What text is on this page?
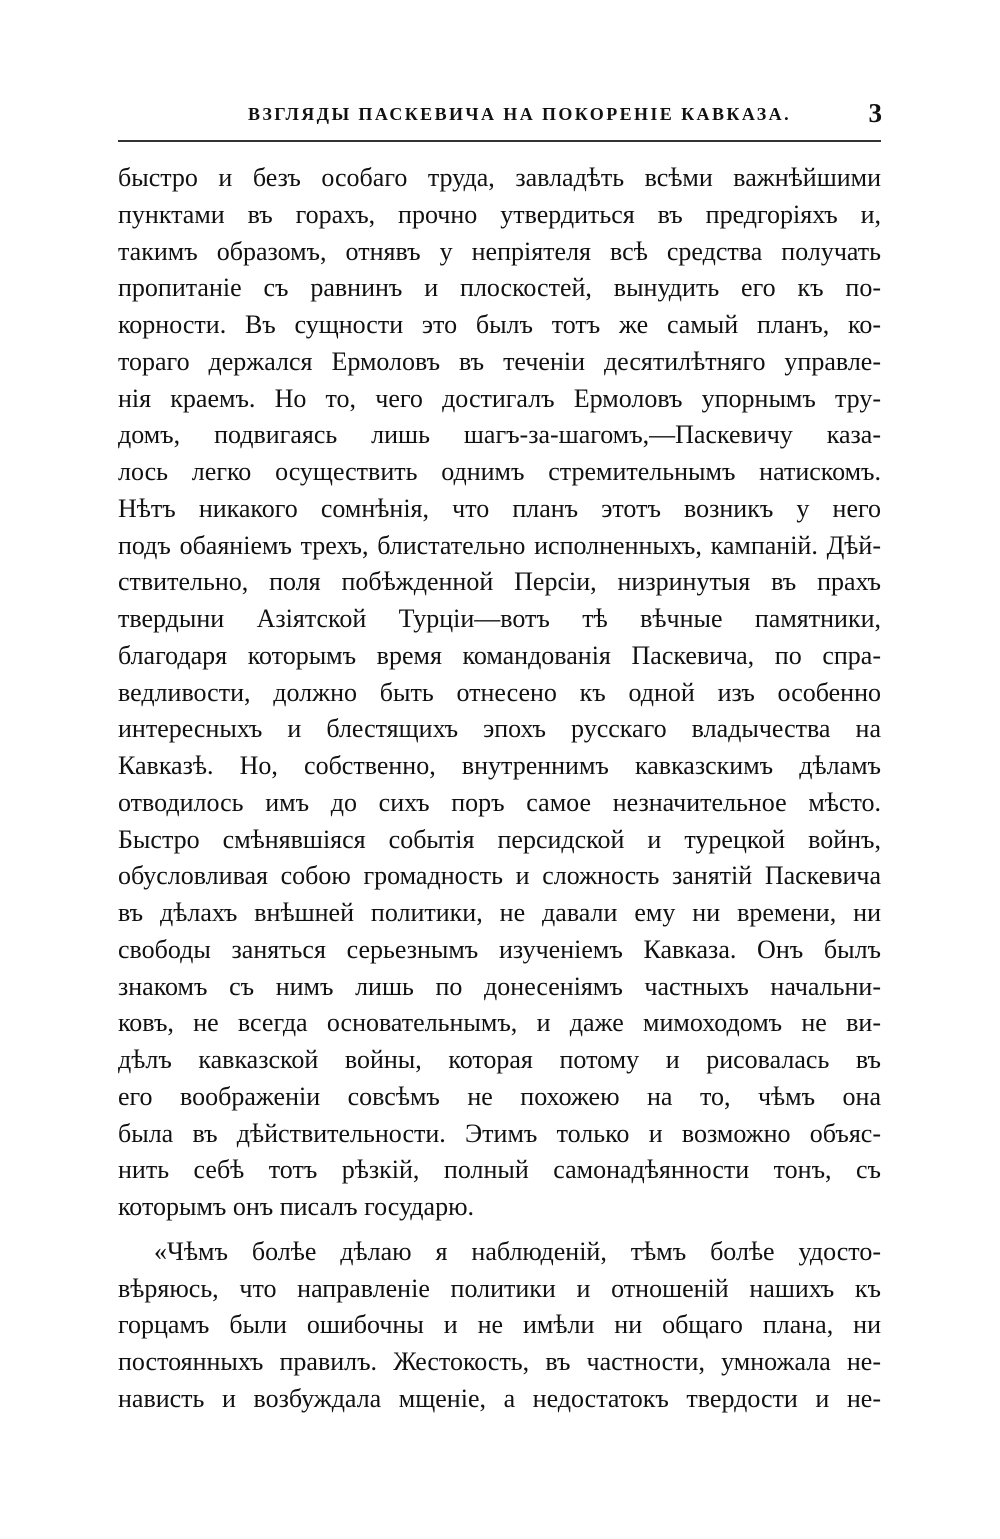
ВЗГЛЯДЫ ПАСКЕВИЧА НА ПОКОРЕНІЕ КАВКАЗА.	3
быстро и безъ особаго труда, завладѣть всѣми важнѣйшими
пунктами въ горахъ, прочно утвердиться въ предгоріяхъ и,
такимъ образомъ, отнявъ у непріятеля всѣ средства получать
пропитаніе съ равнинъ и плоскостей, вынудить его къ по-
корности. Въ сущности это былъ тотъ же самый планъ, ко-
тораго держался Ермоловъ въ теченіи десятилѣтняго управле-
нія краемъ. Но то, чего достигалъ Ермоловъ упорнымъ тру-
домъ, подвигаясь лишь шагъ-за-шагомъ,—Паскевичу каза-
лось легко осуществить однимъ стремительнымъ натискомъ.
Нѣтъ никакого сомнѣнія, что планъ этотъ возникъ у него
подъ обаяніемъ трехъ, блистательно исполненныхъ, кампаній. Дѣй-
ствительно, поля побѣжденной Персіи, низринутыя въ прахъ
твердыни Азіятской Турціи—вотъ тѣ вѣчные памятники,
благодаря которымъ время командованія Паскевича, по спра-
ведливости, должно быть отнесено къ одной изъ особенно
интересныхъ и блестящихъ эпохъ русскаго владычества на
Кавказѣ. Но, собственно, внутреннимъ кавказскимъ дѣламъ
отводилось имъ до сихъ поръ самое незначительное мѣсто.
Быстро смѣнявшіяся событія персидской и турецкой войнъ,
обусловливая собою громадность и сложность занятій Паскевича
въ дѣлахъ внѣшней политики, не давали ему ни времени, ни
свободы заняться серьезнымъ изученіемъ Кавказа. Онъ былъ
знакомъ съ нимъ лишь по донесеніямъ частныхъ начальни-
ковъ, не всегда основательнымъ, и даже мимоходомъ не ви-
дѣлъ кавказской войны, которая потому и рисовалась въ
его воображеніи совсѣмъ не похожею на то, чѣмъ она
была въ дѣйствительности. Этимъ только и возможно объяс-
нить себѣ тотъ рѣзкій, полный самонадѣянности тонъ, съ
которымъ онъ писалъ государю.
«Чѣмъ болѣе дѣлаю я наблюденій, тѣмъ болѣе удосто-
вѣряюсь, что направленіе политики и отношеній нашихъ къ
горцамъ были ошибочны и не имѣли ни общаго плана, ни
постоянныхъ правилъ. Жестокость, въ частности, умножала не-
нависть и возбуждала мщеніе, а недостатокъ твердости и не-
